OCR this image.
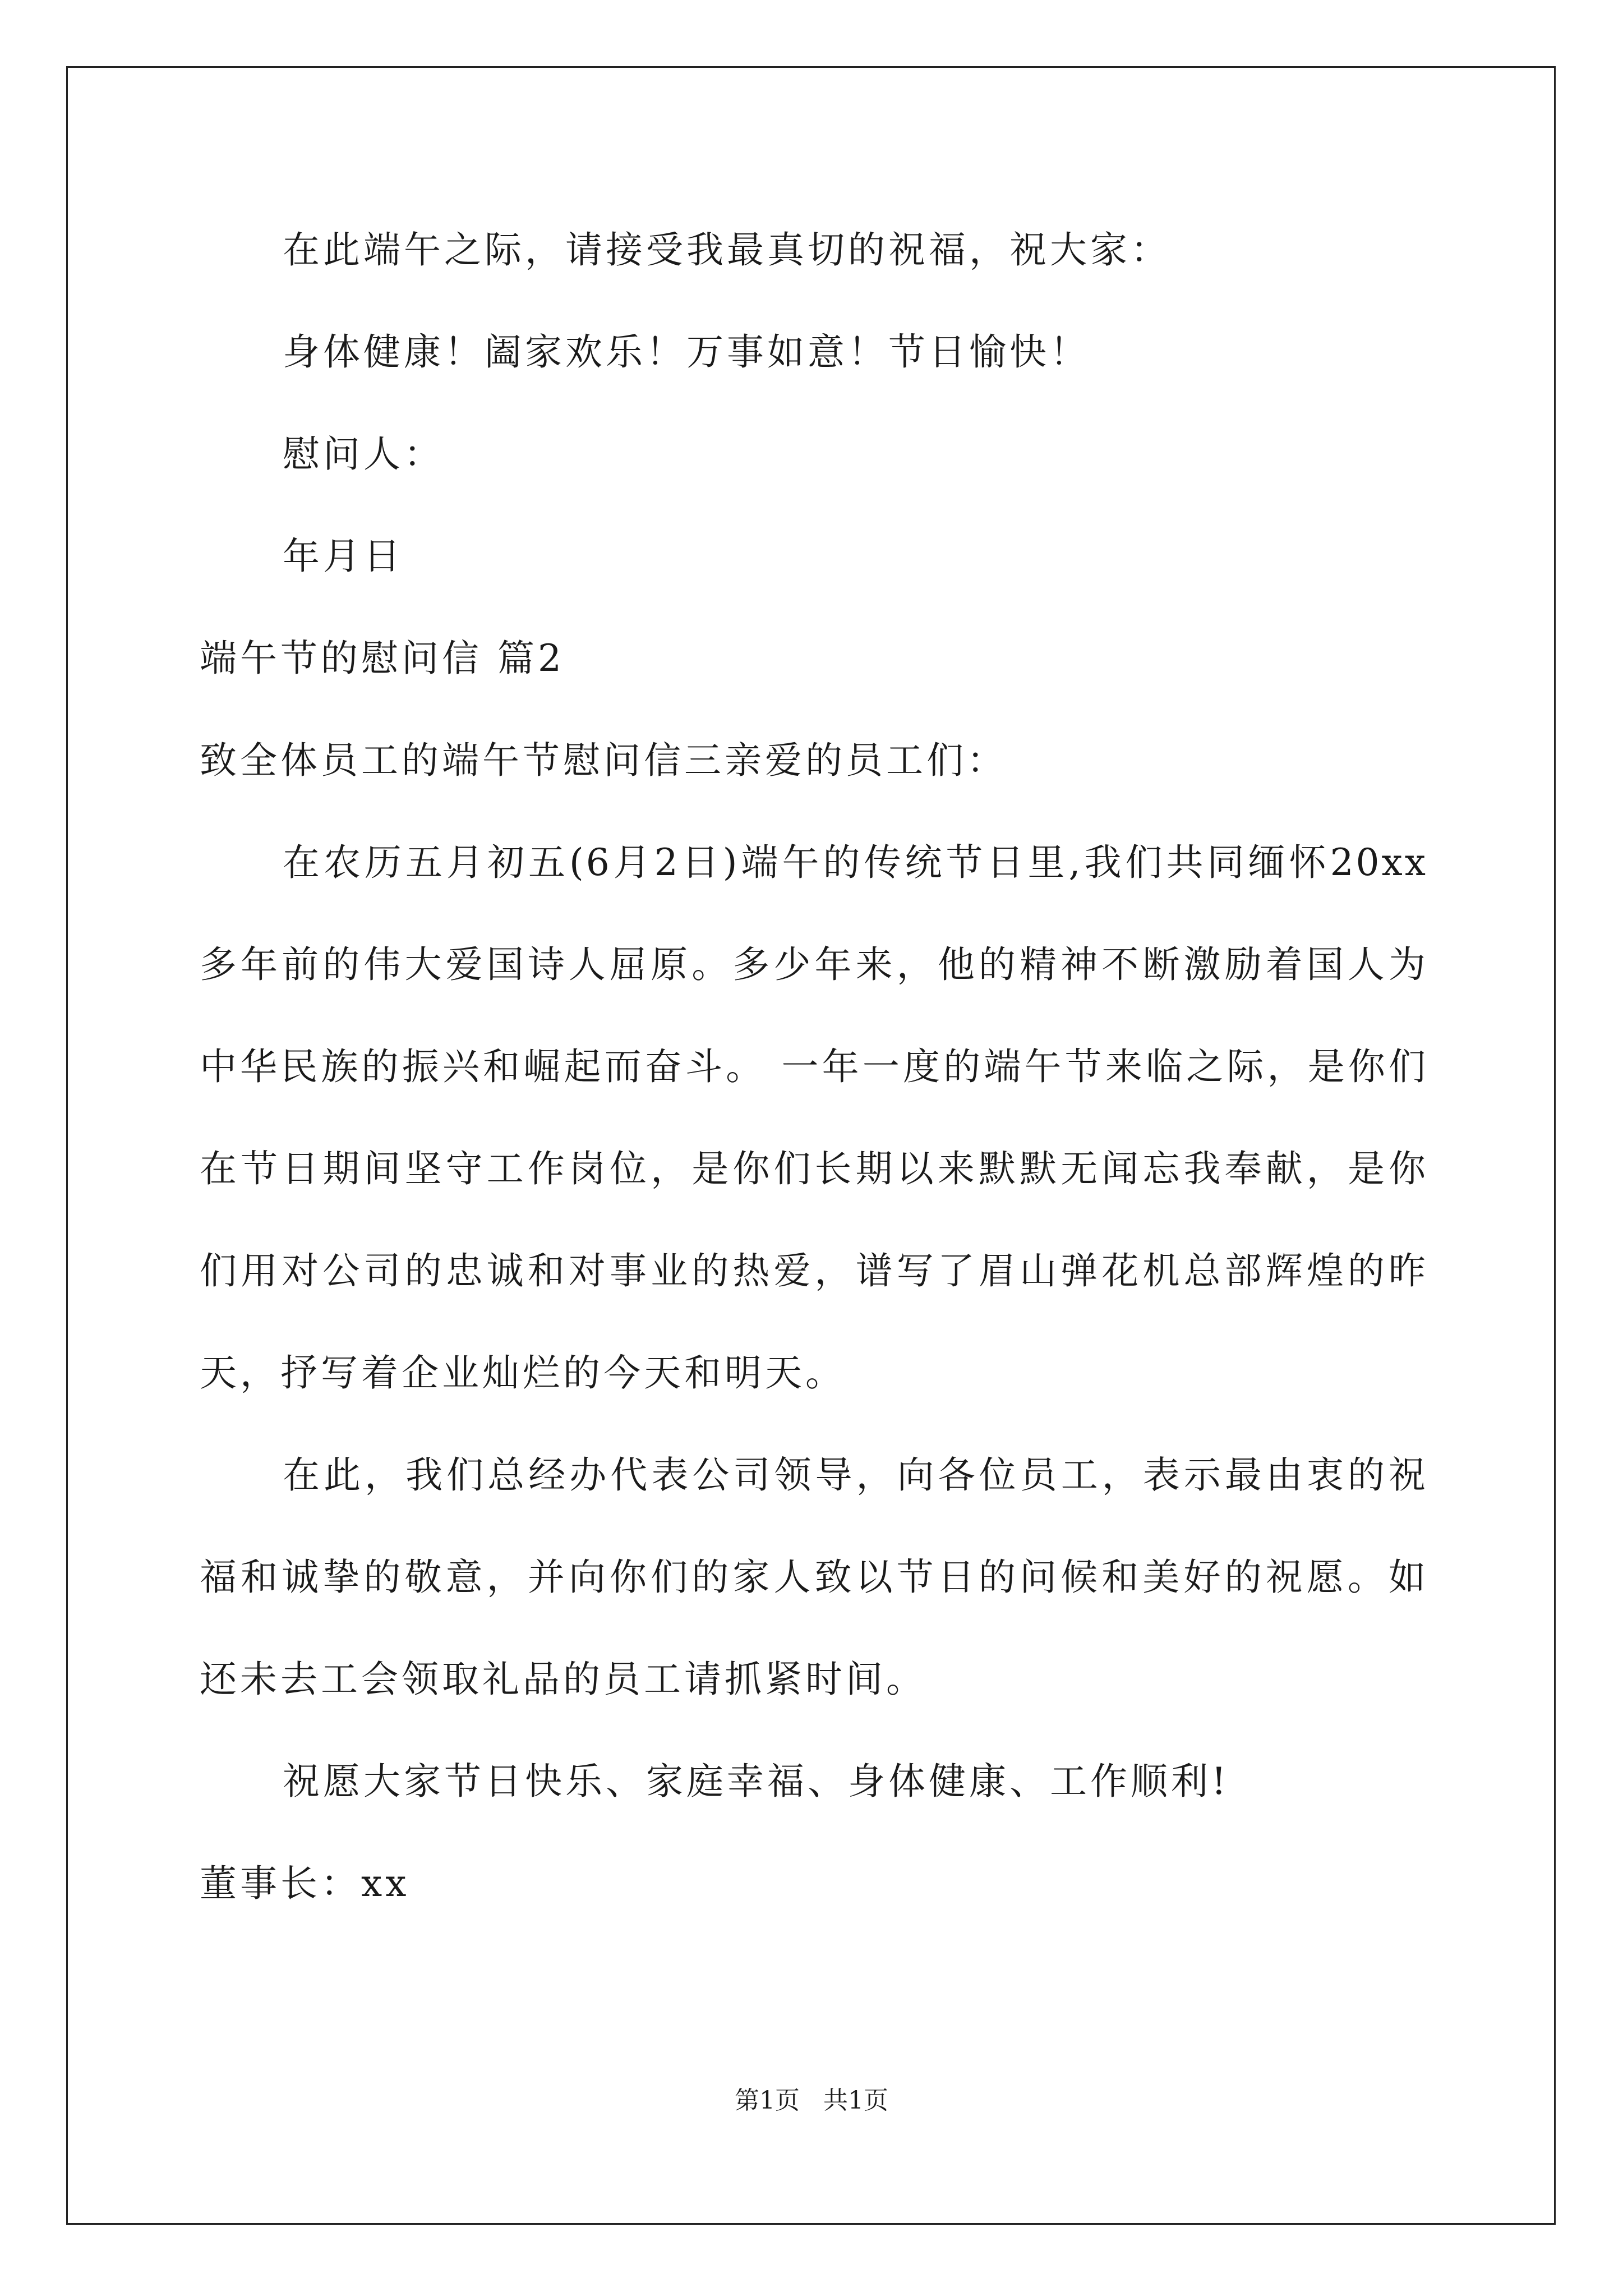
在此端午之际，请接受我最真切的祝福，祝大家：
身体健康！阖家欢乐！万事如意！节日愉快！
慰问人：
年月日
端午节的慰问信 篇2
致全体员工的端午节慰问信三亲爱的员工们：
在农历五月初五(6月2日)端午的传统节日里,我们共同缅怀20xx
多年前的伟大爱国诗人屈原。多少年来，他的精神不断激励着国人为
中华民族的振兴和崛起而奋斗。 一年一度的端午节来临之际，是你们
在节日期间坚守工作岗位，是你们长期以来默默无闻忘我奉献，是你
们用对公司的忠诚和对事业的热爱，谱写了眉山弹花机总部辉煌的昨
天，抒写着企业灿烂的今天和明天。
在此，我们总经办代表公司领导，向各位员工，表示最由衷的祝
福和诚挚的敬意，并向你们的家人致以节日的问候和美好的祝愿。如
还未去工会领取礼品的员工请抓紧时间。
祝愿大家节日快乐、家庭幸福、身体健康、工作顺利!
董事长：xx
第1页 共1页
